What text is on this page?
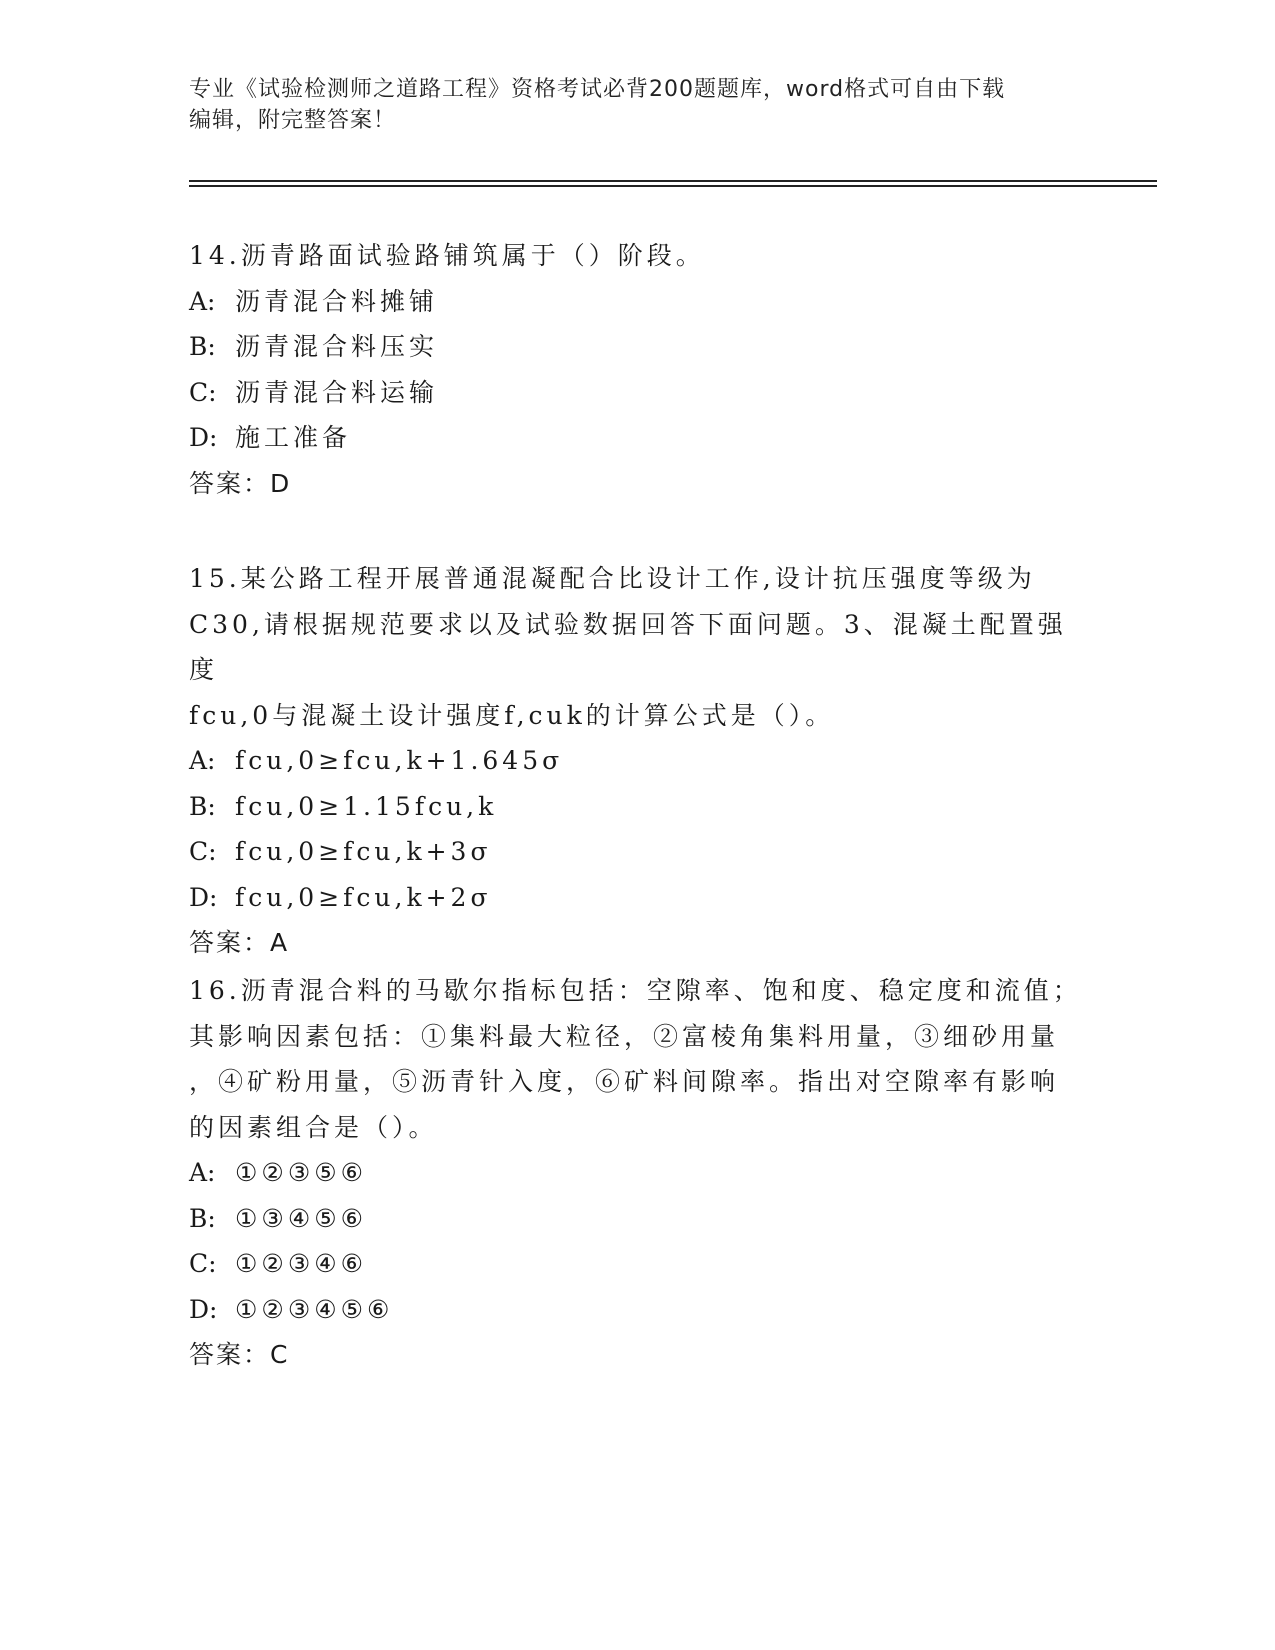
专业《试验检测师之道路工程》资格考试必背200题题库，word格式可自由下载
编辑，附完整答案！

14.沥青路面试验路铺筑属于（）阶段。

A: 沥青混合料摊铺

B: 沥青混合料压实

C: 沥青混合料运输

D: 施工准备

答案：D

15.某公路工程开展普通混凝配合比设计工作,设计抗压强度等级为

C30,请根据规范要求以及试验数据回答下面问题。3、混凝土配置强度

fcu,0与混凝土设计强度f,cuk的计算公式是（）。

A: fcu,0≥fcu,k+1.645σ

B: fcu,0≥1.15fcu,k

C: fcu,0≥fcu,k+3σ

D: fcu,0≥fcu,k+2σ

答案：A

16.沥青混合料的马歇尔指标包括：空隙率、饱和度、稳定度和流值；

其影响因素包括：①集料最大粒径，②富棱角集料用量，③细砂用量

，④矿粉用量，⑤沥青针入度，⑥矿料间隙率。指出对空隙率有影响

的因素组合是（）。

A: ①②③⑤⑥

B: ①③④⑤⑥

C: ①②③④⑥

D: ①②③④⑤⑥

答案：C
